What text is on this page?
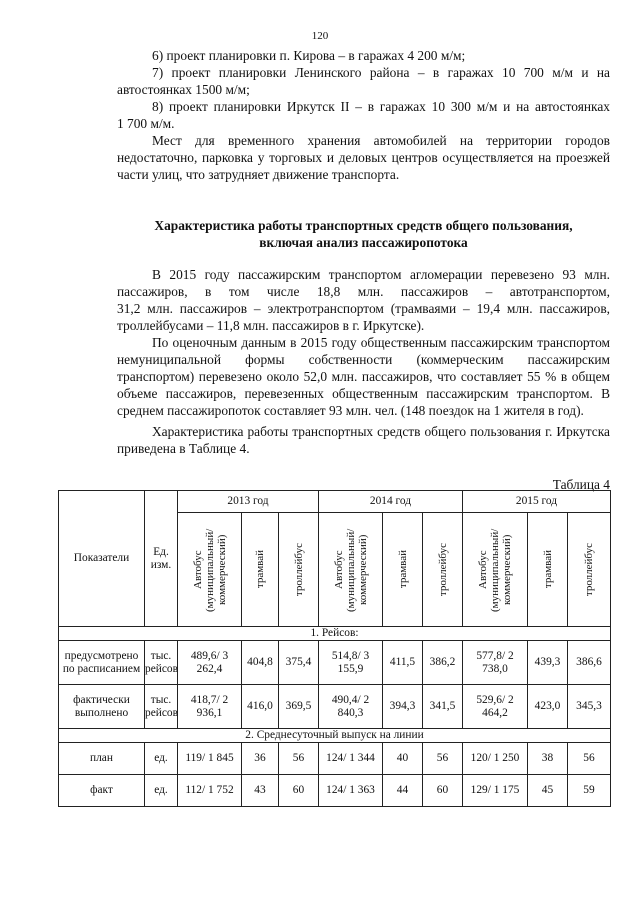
120
6) проект планировки п. Кирова – в гаражах 4 200 м/м;
7) проект планировки Ленинского района – в гаражах 10 700 м/м и на
автостоянках 1500 м/м;
8) проект планировки Иркутск II – в гаражах 10 300 м/м и на автостоянках
1 700 м/м.
Мест для временного хранения автомобилей на территории городов
недостаточно, парковка у торговых и деловых центров осуществляется на проезжей
части улиц, что затрудняет движение транспорта.
Характеристика работы транспортных средств общего пользования,
включая анализ пассажиропотока
В 2015 году пассажирским транспортом агломерации перевезено 93 млн.
пассажиров, в том числе 18,8 млн. пассажиров – автотранспортом,
31,2 млн. пассажиров – электротранспортом (трамваями – 19,4 млн. пассажиров,
троллейбусами – 11,8 млн. пассажиров в г. Иркутске).
По оценочным данным в 2015 году общественным пассажирским транспортом
немуниципальной формы собственности (коммерческим пассажирским
транспортом) перевезено около 52,0 млн. пассажиров, что составляет 55 % в общем
объеме пассажиров, перевезенных общественным пассажирским транспортом. В
среднем пассажиропоток составляет 93 млн. чел. (148 поездок на 1 жителя в год).
Характеристика работы транспортных средств общего пользования г. Иркутска
приведена в Таблице 4.
Таблица 4
Показатели	Ед. изм.	2013 год			2014 год			2015 год		

		Автобус (муниципальный/ коммерческий)	трамвай	троллейбус	Автобус (муниципальный/ коммерческий)	трамвай	троллейбус	Автобус (муниципальный/ коммерческий)	трамвай	троллейбус

1. Рейсов:										
предусмотрено по расписанием	тыс. рейсов	489,6/ 3 262,4	404,8	375,4	514,8/ 3 155,9	411,5	386,2	577,8/ 2 738,0	439,3	386,6
фактически выполнено	тыс. рейсов	418,7/ 2 936,1	416,0	369,5	490,4/ 2 840,3	394,3	341,5	529,6/ 2 464,2	423,0	345,3
2. Среднесуточный выпуск на линии										
план	ед.	119/ 1 845	36	56	124/ 1 344	40	56	120/ 1 250	38	56
факт	ед.	112/ 1 752	43	60	124/ 1 363	44	60	129/ 1 175	45	59
